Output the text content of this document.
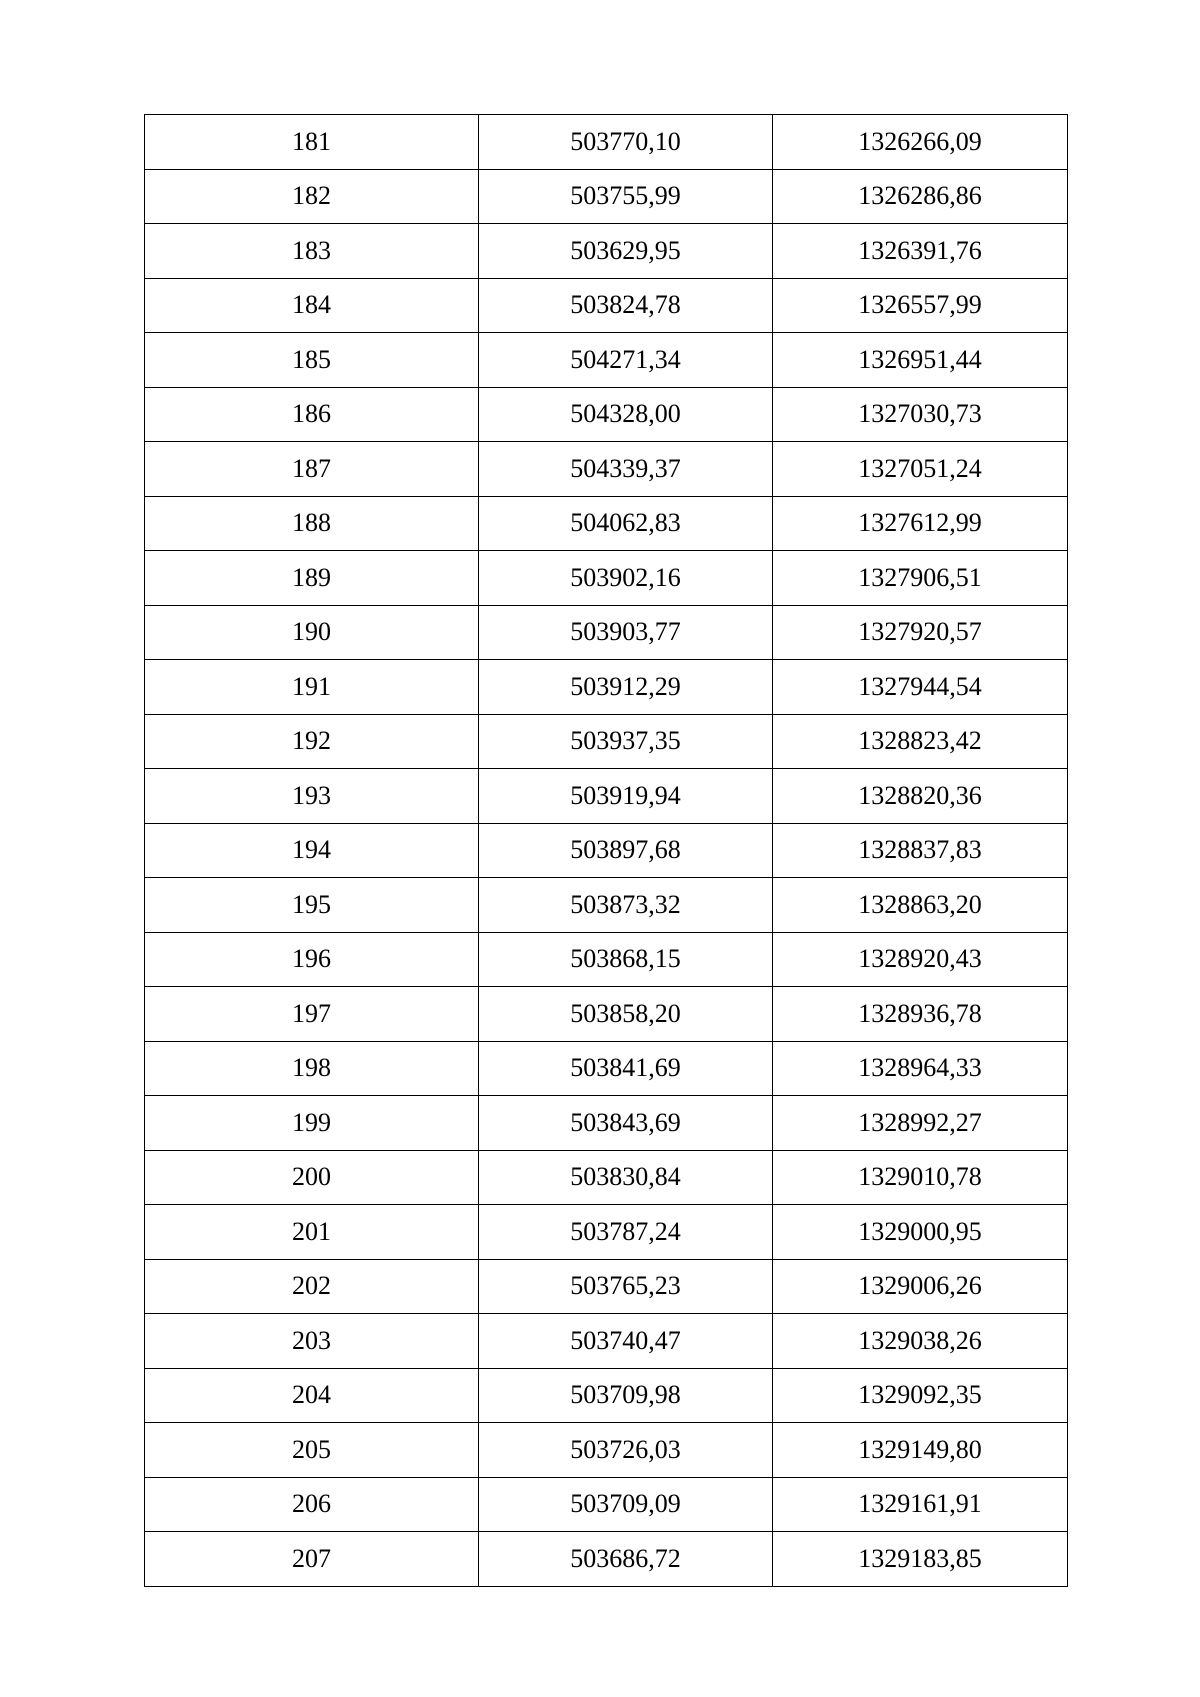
181	503770,10	1326266,09
182	503755,99	1326286,86
183	503629,95	1326391,76
184	503824,78	1326557,99
185	504271,34	1326951,44
186	504328,00	1327030,73
187	504339,37	1327051,24
188	504062,83	1327612,99
189	503902,16	1327906,51
190	503903,77	1327920,57
191	503912,29	1327944,54
192	503937,35	1328823,42
193	503919,94	1328820,36
194	503897,68	1328837,83
195	503873,32	1328863,20
196	503868,15	1328920,43
197	503858,20	1328936,78
198	503841,69	1328964,33
199	503843,69	1328992,27
200	503830,84	1329010,78
201	503787,24	1329000,95
202	503765,23	1329006,26
203	503740,47	1329038,26
204	503709,98	1329092,35
205	503726,03	1329149,80
206	503709,09	1329161,91
207	503686,72	1329183,85
